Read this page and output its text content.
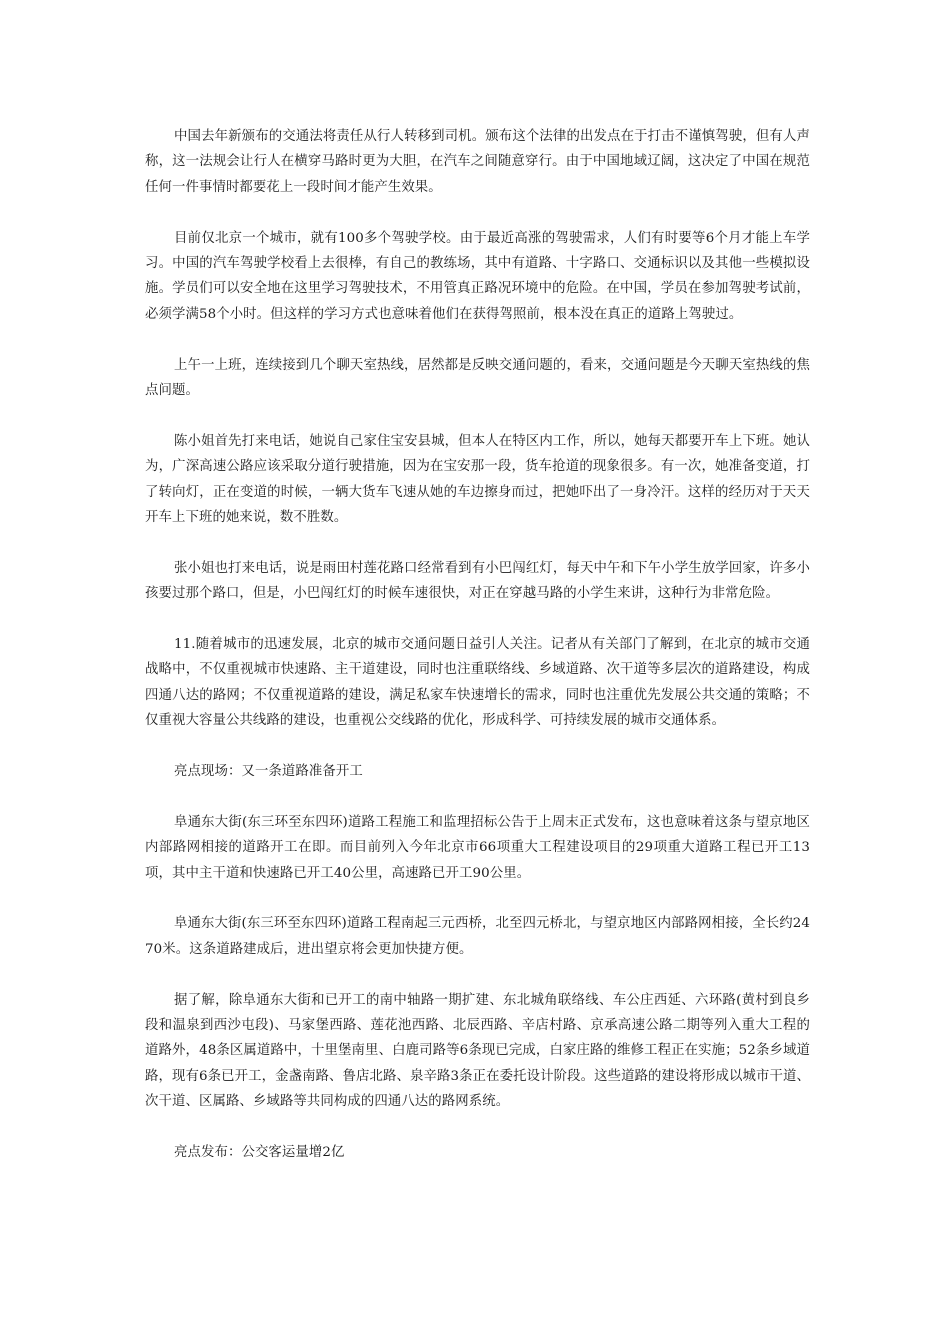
中国去年新颁布的交通法将责任从行人转移到司机。颁布这个法律的出发点在于打击不谨慎驾驶，但有人声称，这一法规会让行人在横穿马路时更为大胆，在汽车之间随意穿行。由于中国地域辽阔，这决定了中国在规范任何一件事情时都要花上一段时间才能产生效果。

目前仅北京一个城市，就有100多个驾驶学校。由于最近高涨的驾驶需求，人们有时要等6个月才能上车学习。中国的汽车驾驶学校看上去很棒，有自己的教练场，其中有道路、十字路口、交通标识以及其他一些模拟设施。学员们可以安全地在这里学习驾驶技术，不用管真正路况环境中的危险。在中国，学员在参加驾驶考试前，必须学满58个小时。但这样的学习方式也意味着他们在获得驾照前，根本没在真正的道路上驾驶过。

上午一上班，连续接到几个聊天室热线，居然都是反映交通问题的，看来，交通问题是今天聊天室热线的焦点问题。

陈小姐首先打来电话，她说自己家住宝安县城，但本人在特区内工作，所以，她每天都要开车上下班。她认为，广深高速公路应该采取分道行驶措施，因为在宝安那一段，货车抢道的现象很多。有一次，她准备变道，打了转向灯，正在变道的时候，一辆大货车飞速从她的车边擦身而过，把她吓出了一身冷汗。这样的经历对于天天开车上下班的她来说，数不胜数。

张小姐也打来电话，说是雨田村莲花路口经常看到有小巴闯红灯，每天中午和下午小学生放学回家，许多小孩要过那个路口，但是，小巴闯红灯的时候车速很快，对正在穿越马路的小学生来讲，这种行为非常危险。

11.随着城市的迅速发展，北京的城市交通问题日益引人关注。记者从有关部门了解到，在北京的城市交通战略中，不仅重视城市快速路、主干道建设，同时也注重联络线、乡域道路、次干道等多层次的道路建设，构成四通八达的路网；不仅重视道路的建设，满足私家车快速增长的需求，同时也注重优先发展公共交通的策略；不仅重视大容量公共线路的建设，也重视公交线路的优化，形成科学、可持续发展的城市交通体系。

亮点现场：又一条道路准备开工

阜通东大街(东三环至东四环)道路工程施工和监理招标公告于上周末正式发布，这也意味着这条与望京地区内部路网相接的道路开工在即。而目前列入今年北京市66项重大工程建设项目的29项重大道路工程已开工13项，其中主干道和快速路已开工40公里，高速路已开工90公里。

阜通东大街(东三环至东四环)道路工程南起三元西桥，北至四元桥北，与望京地区内部路网相接，全长约2470米。这条道路建成后，进出望京将会更加快捷方便。

据了解，除阜通东大街和已开工的南中轴路一期扩建、东北城角联络线、车公庄西延、六环路(黄村到良乡段和温泉到西沙屯段)、马家堡西路、莲花池西路、北辰西路、辛店村路、京承高速公路二期等列入重大工程的道路外，48条区属道路中，十里堡南里、白鹿司路等6条现已完成，白家庄路的维修工程正在实施；52条乡域道路，现有6条已开工，金盏南路、鲁店北路、泉辛路3条正在委托设计阶段。这些道路的建设将形成以城市干道、次干道、区属路、乡域路等共同构成的四通八达的路网系统。

亮点发布：公交客运量增2亿
